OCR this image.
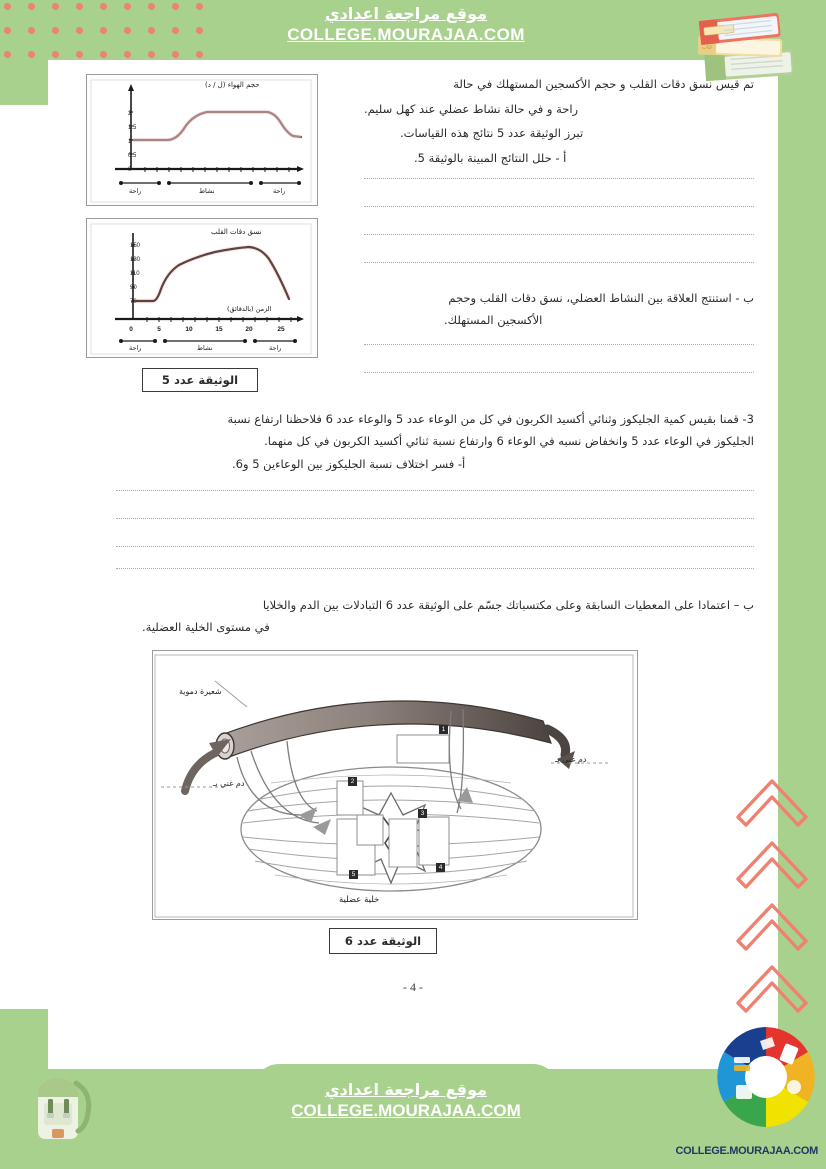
موقع مراجعة اعدادي
COLLEGE.MOURAJAA.COM
كتاب
موقع مراجعة اعدادي
COLLEGE.MOURAJAA.COM
COLLEGE.MOURAJAA.COM

تم قيس نسق دقات القلب و حجم الأكسجين المستهلك في حالة
راحة و في حالة نشاط عضلي عند كهل سليم.
تبرز الوثيقة عدد 5 نتائج هذه القياسات.
أ - حلل النتائج المبينة بالوثيقة 5.
ب - استنتج العلاقة بين النشاط العضلي، نسق دقات القلب وحجم
الأكسجين المستهلك.
0
0.5
1
1.5
2
حجم الهواء (ل / د)
راحة	نشاط	راحة
150
130
110
90
70
0	5	10	15	20	25
نسق دقات القلب
الزمن (بالدقائق)
راحة	نشاط	راحة
الوثيقة عدد 5
3- قمنا بقيس كمية الجليكوز وثنائي أكسيد الكربون في كل من الوعاء عدد 5 والوعاء عدد 6 فلاحظنا ارتفاع نسبة
الجليكوز في الوعاء عدد 5 وانخفاض نسبه في الوعاء 6 وارتفاع نسبة ثنائي أكسيد الكربون في كل منهما.
أ- فسر اختلاف نسبة الجليكوز بين الوعاءين 5 و6.
ب – اعتمادا على المعطيات السابقة وعلى مكتسباتك جسّم على الوثيقة عدد 6 التبادلات بين الدم والخلايا
في مستوى الخلية العضلية.
1
2
3
4
5
شعيرة دموية
دم غني بـ
دم غني بـ
خلية عضلية
الوثيقة عدد 6
- 4 -
